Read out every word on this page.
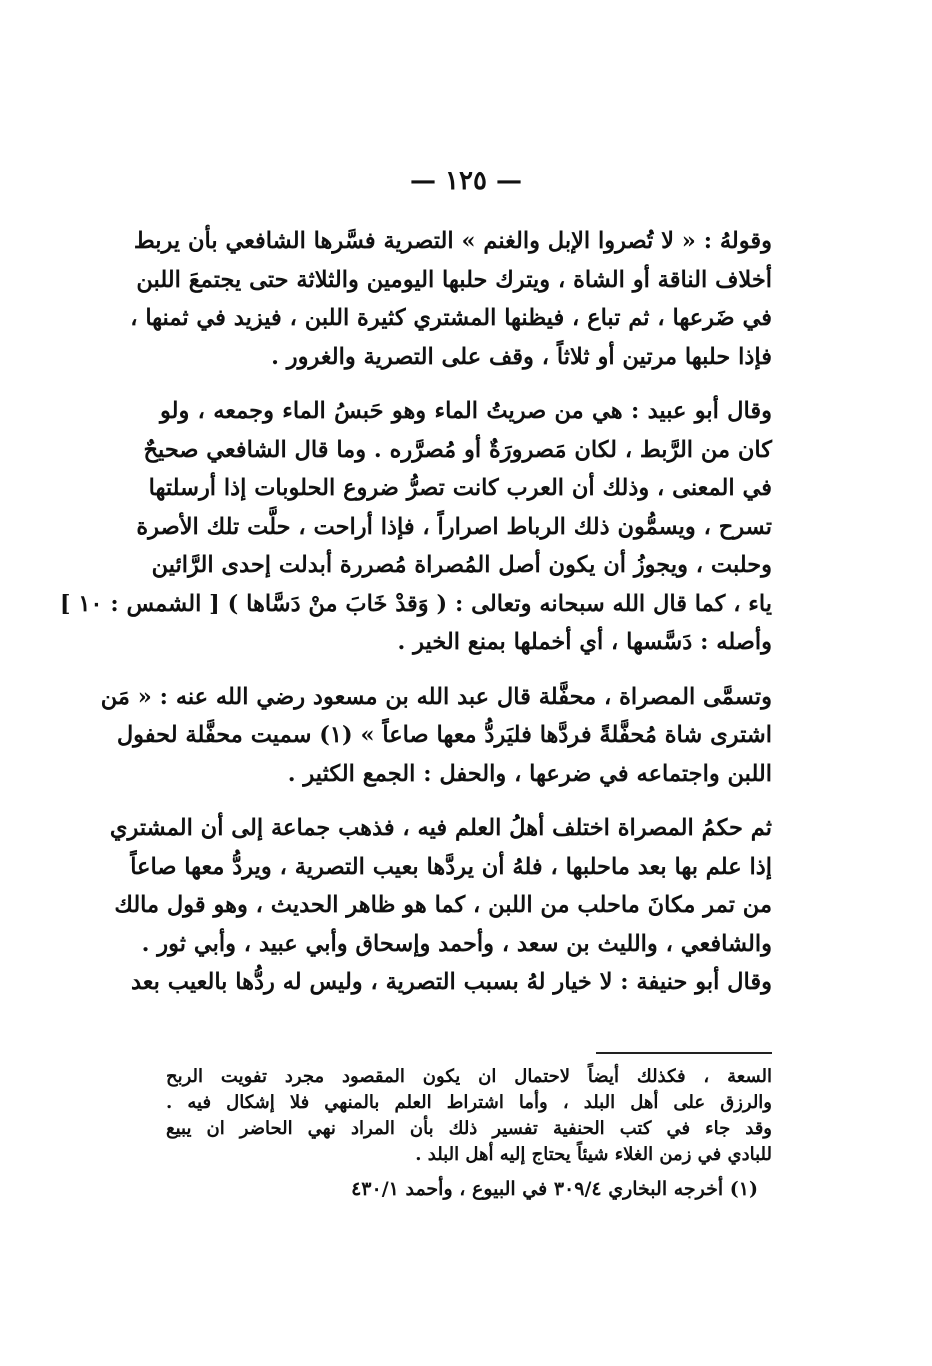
— ١٢٥ —
وقولهُ : « لا تُصروا الإبل والغنم » التصرية فسَّرها الشافعي بأن يربط
أخلاف الناقة أو الشاة ، ويترك حلبها اليومين والثلاثة حتى يجتمعَ اللبن
في ضَرعها ، ثم تباع ، فيظنها المشتري كثيرة اللبن ، فيزيد في ثمنها ،
فإذا حلبها مرتين أو ثلاثاً ، وقف على التصرية والغرور .
وقال أبو عبيد : هي من صريتُ الماء وهو حَبسُ الماء وجمعه ، ولو
كان من الرَّبط ، لكان مَصرورَةٌ أو مُصرَّره . وما قال الشافعي صحيحٌ
في المعنى ، وذلك أن العرب كانت تصرُّ ضروع الحلوبات إذا أرسلتها
تسرح ، ويسمُّون ذلك الرباط اصراراً ، فإذا أراحت ، حلَّت تلك الأصرة
وحلبت ، ويجوزُ أن يكون أصل المُصراة مُصررة أبدلت إحدى الرَّائين
ياء ، كما قال الله سبحانه وتعالى : ( وَقدْ خَابَ منْ دَسَّاها ) [ الشمس : ١٠ ]
وأصله : دَسَّسها ، أي أخملها بمنع الخير .
وتسمَّى المصراة ، محفَّلة قال عبد الله بن مسعود رضي الله عنه : « مَن
اشترى شاة مُحفَّلةً فردَّها فليَردُّ معها صاعاً » (١) سميت محفَّلة لحفول
اللبن واجتماعه في ضرعها ، والحفل : الجمع الكثير .
ثم حكمُ المصراة اختلف أهلُ العلم فيه ، فذهب جماعة إلى أن المشتري
إذا علم بها بعد ماحلبها ، فلهُ أن يردَّها بعيب التصرية ، ويردُّ معها صاعاً
من تمر مكانَ ماحلب من اللبن ، كما هو ظاهر الحديث ، وهو قول مالك
والشافعي ، والليث بن سعد ، وأحمد وإسحاق وأبي عبيد ، وأبي ثور .
وقال أبو حنيفة : لا خيار لهُ بسبب التصرية ، وليس له ردُّها بالعيب بعد
السعة ، فكذلك أيضاً لاحتمال ان يكون المقصود مجرد تفويت الربح
والرزق على أهل البلد ، وأما اشتراط العلم بالمنهي فلا إشكال فيه .
وقد جاء في كتب الحنفية تفسير ذلك بأن المراد نهي الحاضر ان يبيع
للبادي في زمن الغلاء شيئاً يحتاج إليه أهل البلد .
(١) أخرجه البخاري ٣٠٩/٤ في البيوع ، وأحمد ٤٣٠/١
